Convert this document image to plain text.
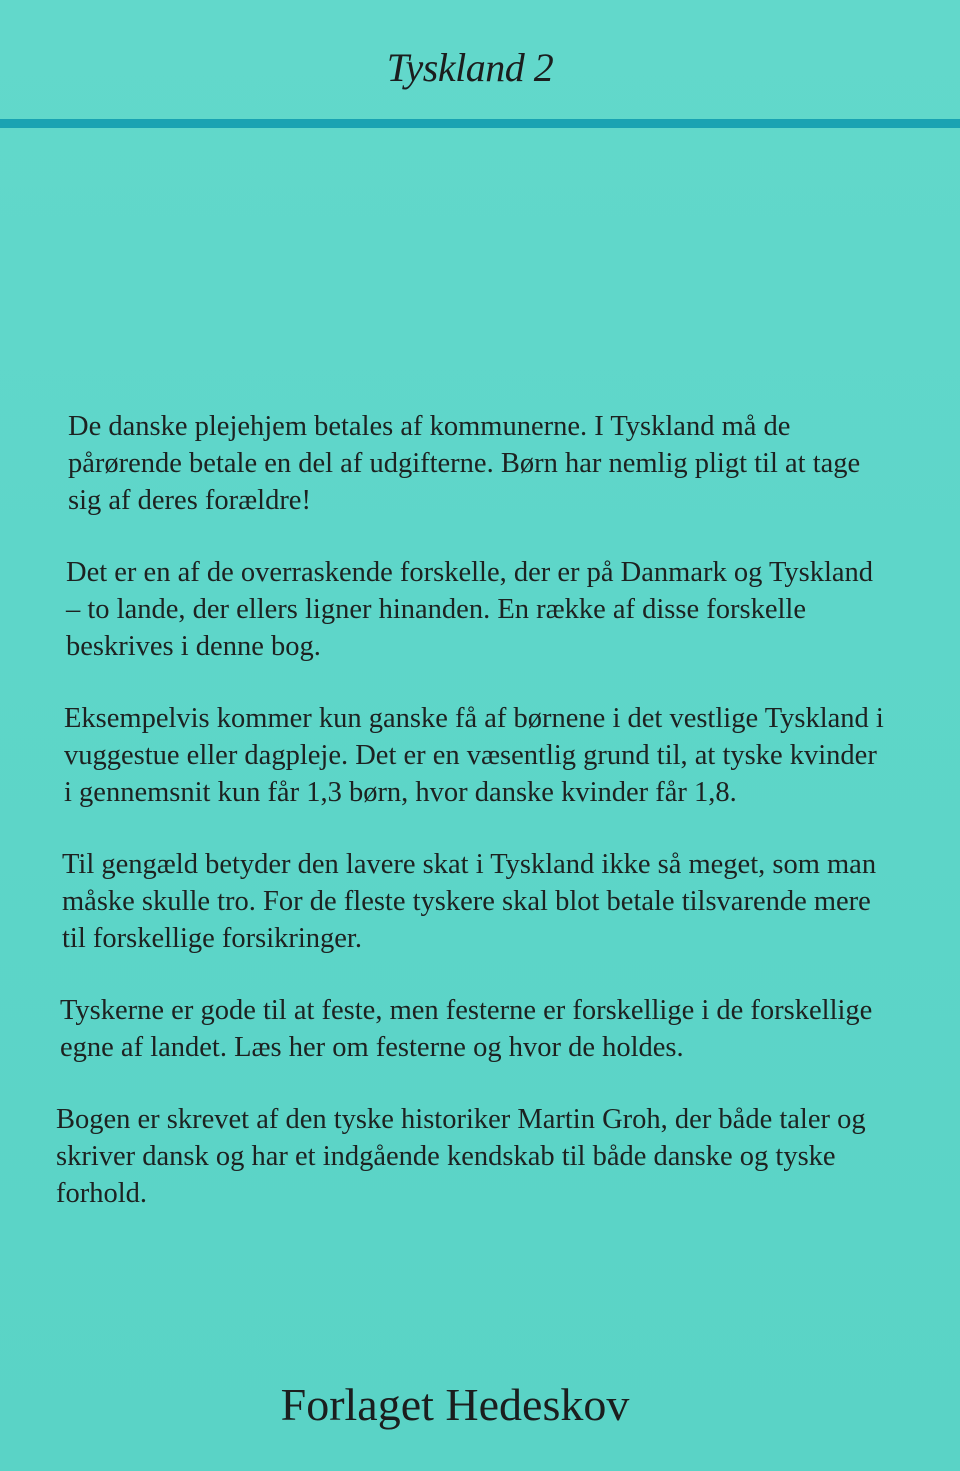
Tyskland 2

De danske plejehjem betales af kommunerne. I Tyskland må de pårørende betale en del af udgifterne. Børn har nemlig pligt til at tage sig af deres forældre!

Det er en af de overraskende forskelle, der er på Danmark og Tyskland – to lande, der ellers ligner hinanden. En række af disse forskelle beskrives i denne bog.

Eksempelvis kommer kun ganske få af børnene i det vestlige Tyskland i vuggestue eller dagpleje. Det er en væsentlig grund til, at tyske kvinder i gennemsnit kun får 1,3 børn, hvor danske kvinder får 1,8.

Til gengæld betyder den lavere skat i Tyskland ikke så meget, som man måske skulle tro. For de fleste tyskere skal blot betale tilsvarende mere til forskellige forsikringer.

Tyskerne er gode til at feste, men festerne er forskellige i de forskellige egne af landet. Læs her om festerne og hvor de holdes.

Bogen er skrevet af den tyske historiker Martin Groh, der både taler og skriver dansk og har et indgående kendskab til både danske og tyske forhold.

Forlaget Hedeskov
